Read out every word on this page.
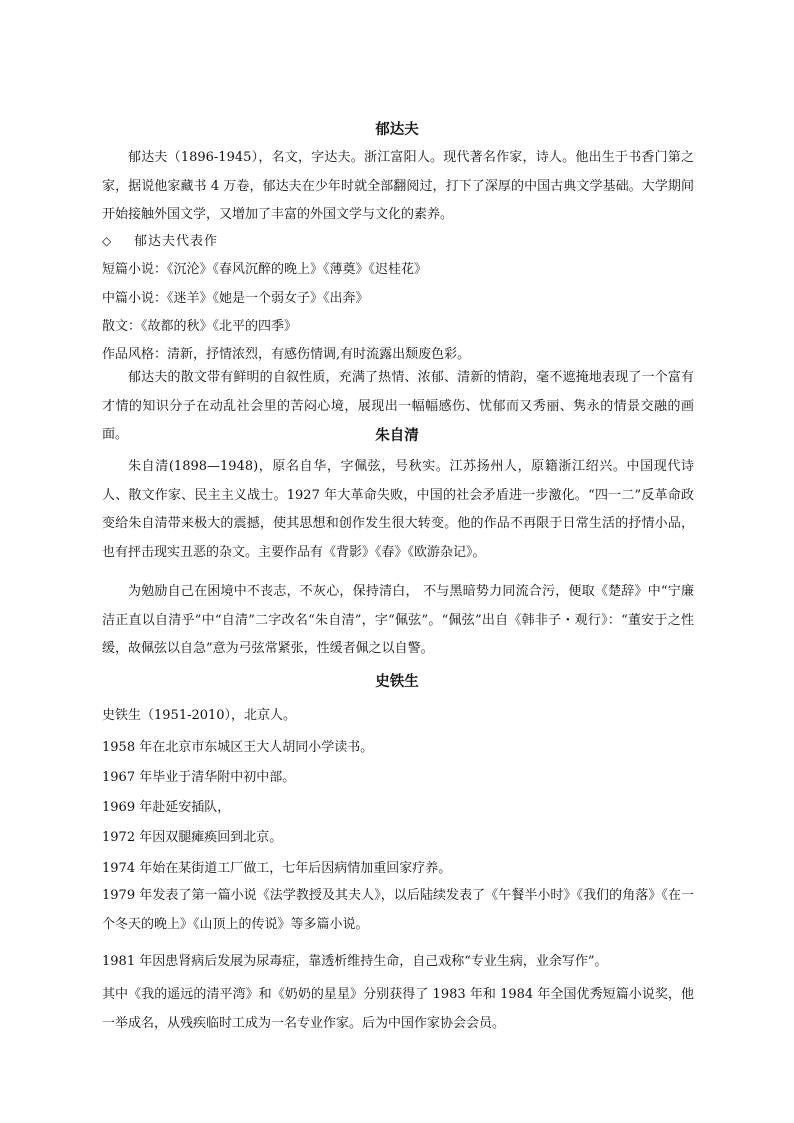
郁达夫
郁达夫（1896-1945），名文，字达夫。浙江富阳人。现代著名作家，诗人。他出生于书香门第之家，据说他家藏书 4 万卷，郁达夫在少年时就全部翻阅过，打下了深厚的中国古典文学基础。大学期间开始接触外国文学，又增加了丰富的外国文学与文化的素养。
◇ 郁达夫代表作
短篇小说：《沉沦》《春风沉醉的晚上》《薄奠》《迟桂花》
中篇小说：《迷羊》《她是一个弱女子》《出奔》
散文：《故都的秋》《北平的四季》
作品风格：清新，抒情浓烈，有感伤情调,有时流露出颓废色彩。
郁达夫的散文带有鲜明的自叙性质，充满了热情、浓郁、清新的情韵，毫不遮掩地表现了一个富有才情的知识分子在动乱社会里的苦闷心境，展现出一幅幅感伤、忧郁而又秀丽、隽永的情景交融的画面。	朱自清
朱自清(1898—1948)，原名自华，字佩弦，号秋实。江苏扬州人，原籍浙江绍兴。中国现代诗人、散文作家、民主主义战士。1927 年大革命失败，中国的社会矛盾进一步激化。“四一二”反革命政变给朱自清带来极大的震撼，使其思想和创作发生很大转变。他的作品不再限于日常生活的抒情小品，也有抨击现实丑恶的杂文。主要作品有《背影》《春》《欧游杂记》。
为勉励自己在困境中不丧志，不灰心，保持清白， 不与黑暗势力同流合污，便取《楚辞》中“宁廉洁正直以自清乎”中“自清”二字改名“朱自清”，字“佩弦”。“佩弦”出自《韩非子・观行》：“董安于之性缓，故佩弦以自急”意为弓弦常紧张，性缓者佩之以自警。
史铁生
史铁生（1951-2010），北京人。
1958 年在北京市东城区王大人胡同小学读书。
1967 年毕业于清华附中初中部。
1969 年赴延安插队，
1972 年因双腿瘫痪回到北京。
1974 年始在某街道工厂做工，七年后因病情加重回家疗养。
1979 年发表了第一篇小说《法学教授及其夫人》，以后陆续发表了《午餐半小时》《我们的角落》《在一个冬天的晚上》《山顶上的传说》等多篇小说。
1981 年因患肾病后发展为尿毒症，靠透析维持生命，自己戏称“专业生病，业余写作”。
其中《我的遥远的清平湾》和《奶奶的星星》分别获得了 1983 年和 1984 年全国优秀短篇小说奖，他一举成名，从残疾临时工成为一名专业作家。后为中国作家协会会员。
